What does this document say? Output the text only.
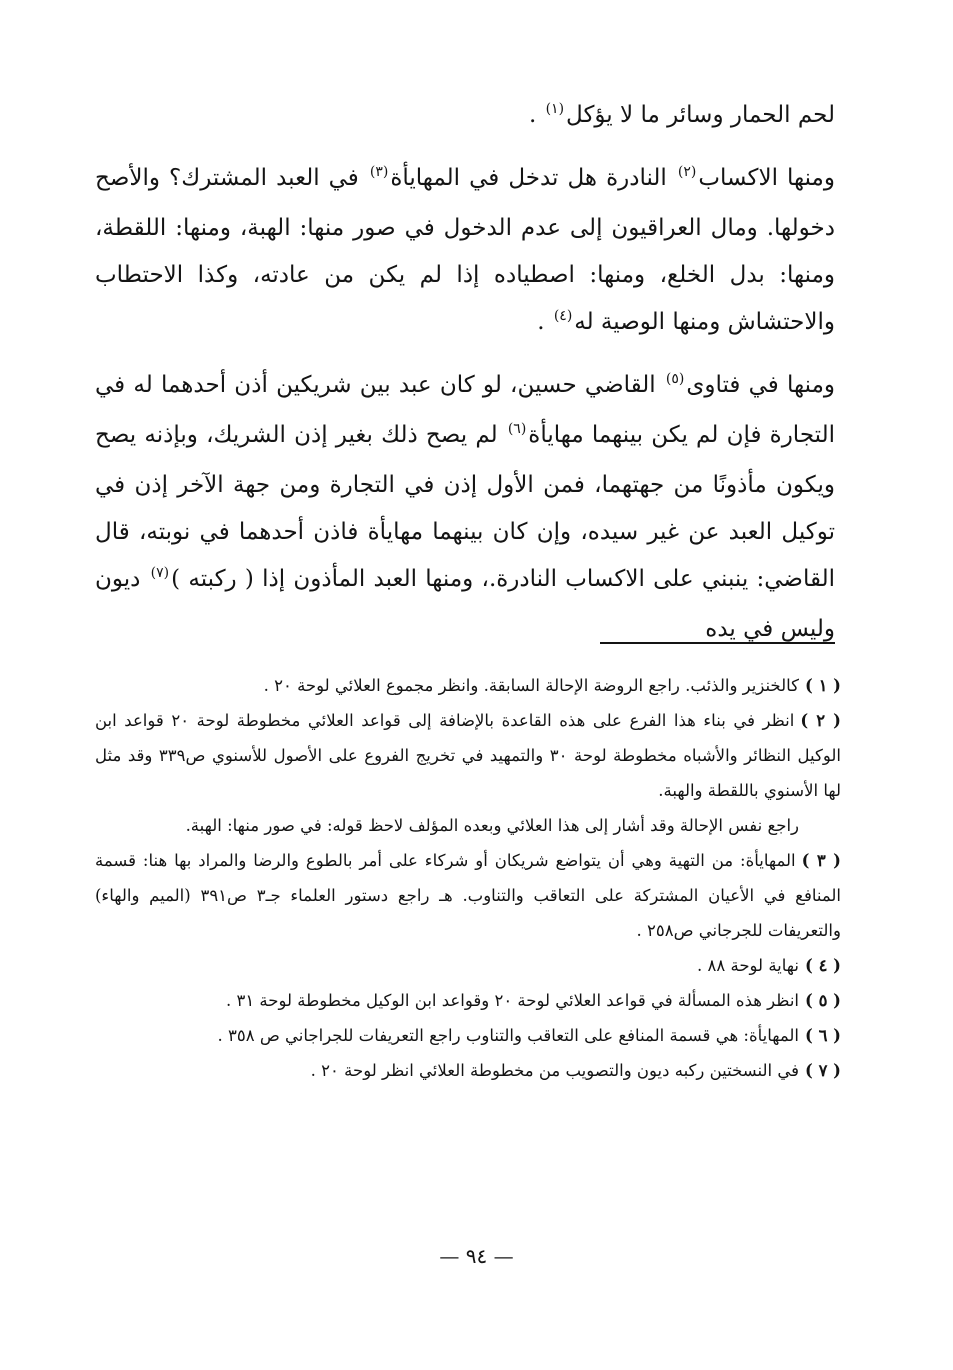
لحم الحمار وسائر ما لا يؤكل$^{(١)}$ .

ومنها الاكساب$^{(٢)}$ النادرة هل تدخل في المهايأة$^{(٣)}$ في العبد المشترك؟ والأصح دخولها. ومال العراقيون إلى عدم الدخول في صور منها: الهبة، ومنها: اللقطة، ومنها: بدل الخلع، ومنها: اصطياده إذا لم يكن من عادته، وكذا الاحتطاب والاحتشاش ومنها الوصية له$^{(٤)}$ .

ومنها في فتاوى$^{(٥)}$ القاضي حسين، لو كان عبد بين شريكين أذن أحدهما له في التجارة فإن لم يكن بينهما مهايأة$^{(٦)}$ لم يصح ذلك بغير إذن الشريك، وبإذنه يصح ويكون مأذونًا من جهتهما، فمن الأول إذن في التجارة ومن جهة الآخر إذن في توكيل العبد عن غير سيده، وإن كان بينهما مهايأة فاذن أحدهما في نوبته، قال القاضي: ينبني على الاكساب النادرة.، ومنها العبد المأذون إذا ( ركبته )$^{(٧)}$ ديون وليس في يده

( ١ )كالخنزير والذئب. راجع الروضة الإحالة السابقة. وانظر مجموع العلائي لوحة ٢٠ .
( ٢ )انظر في بناء هذا الفرع على هذه القاعدة بالإضافة إلى قواعد العلائي مخطوطة لوحة ٢٠ قواعد ابن الوكيل النظائر والأشباه مخطوطة لوحة ٣٠ والتمهيد في تخريج الفروع على الأصول للأسنوي ص٣٣٩ وقد مثل لها الأسنوي باللقطة والهبة.
راجع نفس الإحالة وقد أشار إلى هذا العلائي وبعده المؤلف لاحظ قوله: في صور منها: الهبة.
( ٣ )المهايأة: من التهية وهي أن يتواضع شريكان أو شركاء على أمر بالطوع والرضا والمراد بها هنا: قسمة المنافع في الأعيان المشتركة على التعاقب والتناوب. هـ راجع دستور العلماء جـ٣ ص٣٩١ (الميم والهاء) والتعريفات للجرجاني ص٢٥٨ .
( ٤ )نهاية لوحة ٨٨ .
( ٥ )انظر هذه المسألة في قواعد العلائي لوحة ٢٠ وقواعد ابن الوكيل مخطوطة لوحة ٣١ .
( ٦ )المهايأة: هي قسمة المنافع على التعاقب والتناوب راجع التعريفات للجراجاني ص ٣٥٨ .
( ٧ )في النسختين ركبه ديون والتصويب من مخطوطة العلائي انظر لوحة ٢٠ .
— ٩٤ —
